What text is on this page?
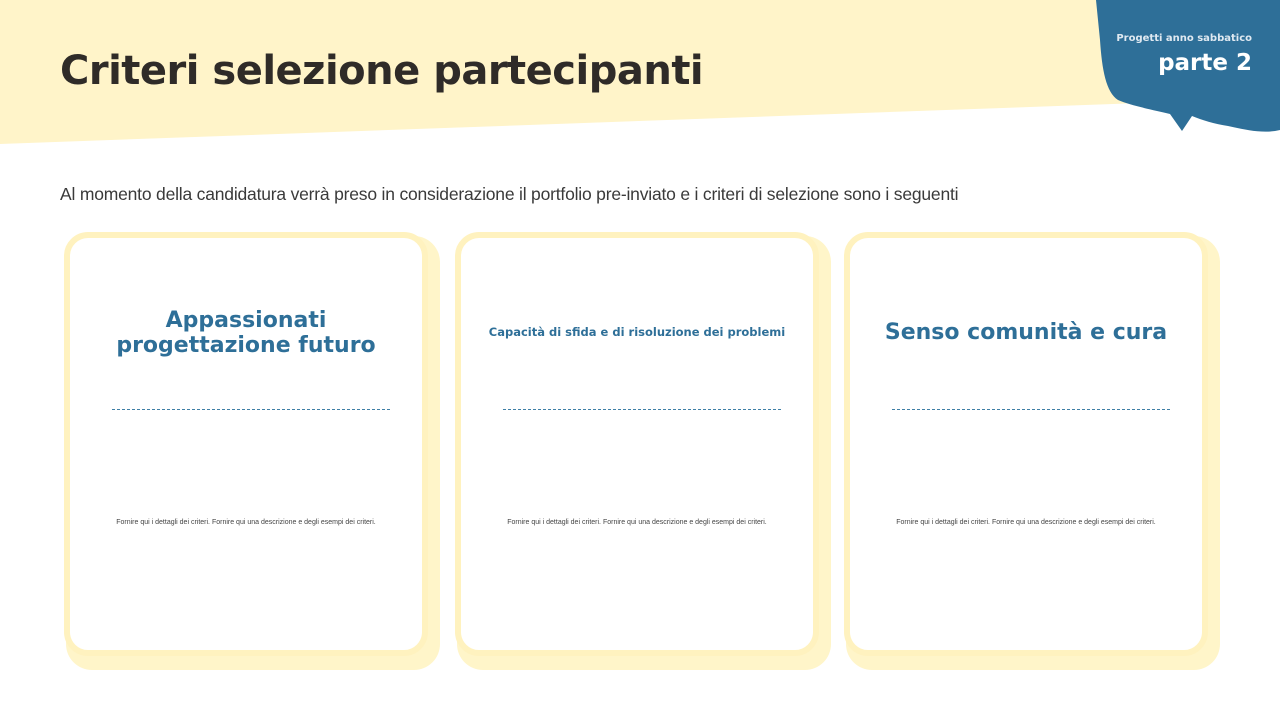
Criteri selezione partecipanti
Progetti anno sabbatico
parte 2

Al momento della candidatura verrà preso in considerazione il portfolio pre-inviato e i criteri di selezione sono i seguenti

Appassionati progettazione futuro

Fornire qui i dettagli dei criteri. Fornire qui una descrizione e degli esempi dei criteri.

Capacità di sfida e di risoluzione dei problemi

Fornire qui i dettagli dei criteri. Fornire qui una descrizione e degli esempi dei criteri.

Senso comunità e cura

Fornire qui i dettagli dei criteri. Fornire qui una descrizione e degli esempi dei criteri.
